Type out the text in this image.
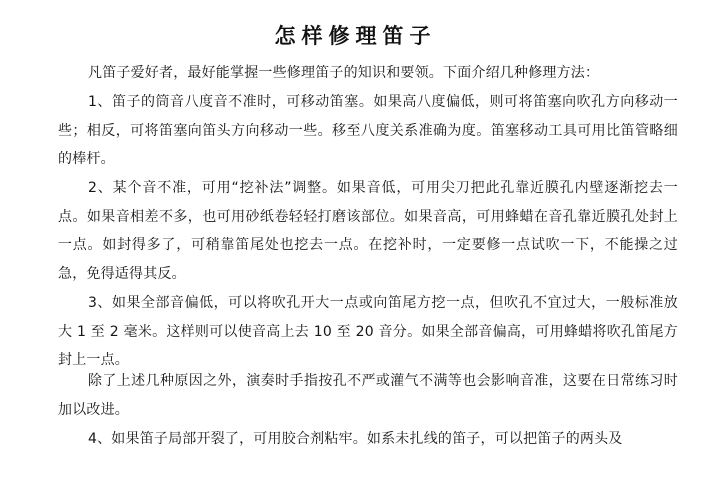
怎样修理笛子
凡笛子爱好者，最好能掌握一些修理笛子的知识和要领。下面介绍几种修理方法：
1、笛子的筒音八度音不准时，可移动笛塞。如果高八度偏低，则可将笛塞向吹孔方向移动一些；相反，可将笛塞向笛头方向移动一些。移至八度关系准确为度。笛塞移动工具可用比笛管略细的棒杆。
2、某个音不准，可用“挖补法”调整。如果音低，可用尖刀把此孔靠近膜孔内壁逐渐挖去一点。如果音相差不多，也可用砂纸卷轻轻打磨该部位。如果音高，可用蜂蜡在音孔靠近膜孔处封上一点。如封得多了，可稍靠笛尾处也挖去一点。在挖补时，一定要修一点试吹一下，不能操之过急，免得适得其反。
3、如果全部音偏低，可以将吹孔开大一点或向笛尾方挖一点，但吹孔不宜过大，一般标准放大 1 至 2 毫米。这样则可以使音高上去 10 至 20 音分。如果全部音偏高，可用蜂蜡将吹孔笛尾方封上一点。
除了上述几种原因之外，演奏时手指按孔不严或灌气不满等也会影响音准，这要在日常练习时加以改进。
4、如果笛子局部开裂了，可用胶合剂粘牢。如系未扎线的笛子，可以把笛子的两头及
